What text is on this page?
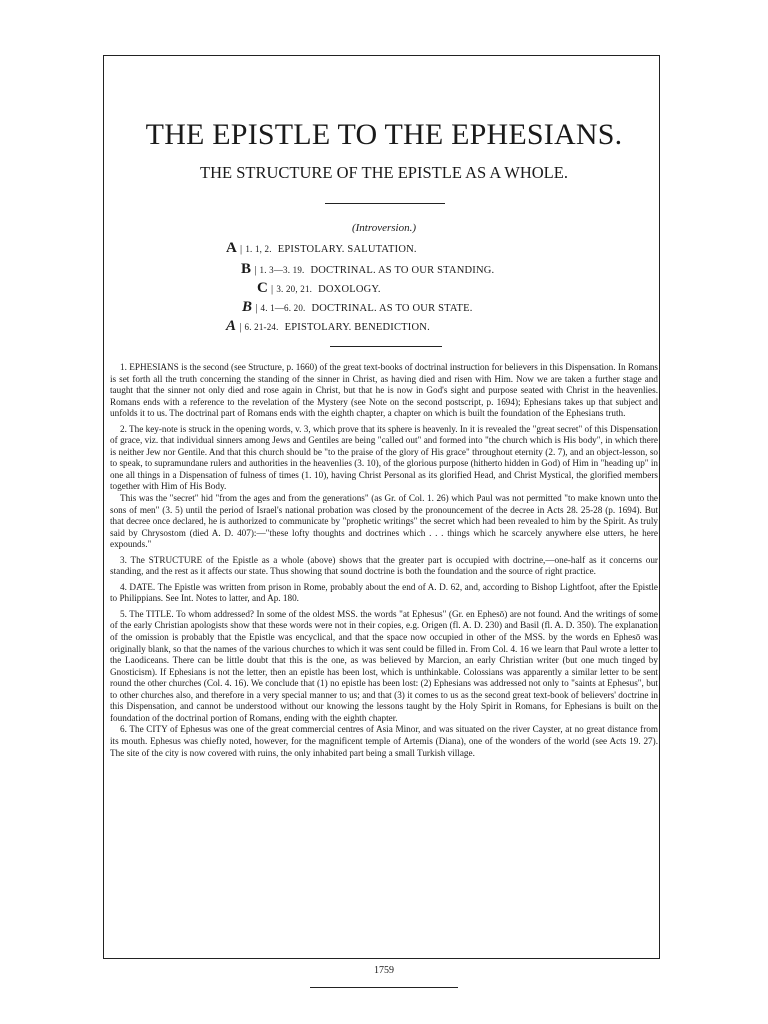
THE EPISTLE TO THE EPHESIANS.
THE STRUCTURE OF THE EPISTLE AS A WHOLE.
(Introversion.)
A | 1. 1, 2. EPISTOLARY. SALUTATION.
B | 1. 3—3. 19. DOCTRINAL. AS TO OUR STANDING.
C | 3. 20, 21. DOXOLOGY.
B | 4. 1—6. 20. DOCTRINAL. AS TO OUR STATE.
A | 6. 21-24. EPISTOLARY. BENEDICTION.

1. EPHESIANS is the second (see Structure, p. 1660) of the great text-books of doctrinal instruction for believers in this Dispensation. In Romans is set forth all the truth concerning the standing of the sinner in Christ, as having died and risen with Him. Now we are taken a further stage and taught that the sinner not only died and rose again in Christ, but that he is now in God's sight and purpose seated with Christ in the heavenlies. Romans ends with a reference to the revelation of the Mystery (see Note on the second postscript, p. 1694); Ephesians takes up that subject and unfolds it to us. The doctrinal part of Romans ends with the eighth chapter, a chapter on which is built the foundation of the Ephesians truth.

2. The key-note is struck in the opening words, v. 3, which prove that its sphere is heavenly. In it is revealed the "great secret" of this Dispensation of grace, viz. that individual sinners among Jews and Gentiles are being "called out" and formed into "the church which is His body", in which there is neither Jew nor Gentile. And that this church should be "to the praise of the glory of His grace" throughout eternity (2. 7), and an object-lesson, so to speak, to supramundane rulers and authorities in the heavenlies (3. 10), of the glorious purpose (hitherto hidden in God) of Him in "heading up" in one all things in a Dispensation of fulness of times (1. 10), having Christ Personal as its glorified Head, and Christ Mystical, the glorified members together with Him of His Body.

This was the "secret" hid "from the ages and from the generations" (as Gr. of Col. 1. 26) which Paul was not permitted "to make known unto the sons of men" (3. 5) until the period of Israel's national probation was closed by the pronouncement of the decree in Acts 28. 25-28 (p. 1694). But that decree once declared, he is authorized to communicate by "prophetic writings" the secret which had been revealed to him by the Spirit. As truly said by Chrysostom (died A. D. 407):—"these lofty thoughts and doctrines which . . . things which he scarcely anywhere else utters, he here expounds."

3. The STRUCTURE of the Epistle as a whole (above) shows that the greater part is occupied with doctrine,—one-half as it concerns our standing, and the rest as it affects our state. Thus showing that sound doctrine is both the foundation and the source of right practice.

4. DATE. The Epistle was written from prison in Rome, probably about the end of A. D. 62, and, according to Bishop Lightfoot, after the Epistle to Philippians. See Int. Notes to latter, and Ap. 180.

5. The TITLE. To whom addressed? In some of the oldest MSS. the words "at Ephesus" (Gr. en Ephesō) are not found. And the writings of some of the early Christian apologists show that these words were not in their copies, e.g. Origen (fl. A. D. 230) and Basil (fl. A. D. 350). The explanation of the omission is probably that the Epistle was encyclical, and that the space now occupied in other of the MSS. by the words en Ephesō was originally blank, so that the names of the various churches to which it was sent could be filled in. From Col. 4. 16 we learn that Paul wrote a letter to the Laodiceans. There can be little doubt that this is the one, as was believed by Marcion, an early Christian writer (but one much tinged by Gnosticism). If Ephesians is not the letter, then an epistle has been lost, which is unthinkable. Colossians was apparently a similar letter to be sent round the other churches (Col. 4. 16). We conclude that (1) no epistle has been lost: (2) Ephesians was addressed not only to "saints at Ephesus", but to other churches also, and therefore in a very special manner to us; and that (3) it comes to us as the second great text-book of believers' doctrine in this Dispensation, and cannot be understood without our knowing the lessons taught by the Holy Spirit in Romans, for Ephesians is built on the foundation of the doctrinal portion of Romans, ending with the eighth chapter.

6. The CITY of Ephesus was one of the great commercial centres of Asia Minor, and was situated on the river Cayster, at no great distance from its mouth. Ephesus was chiefly noted, however, for the magnificent temple of Artemis (Diana), one of the wonders of the world (see Acts 19. 27). The site of the city is now covered with ruins, the only inhabited part being a small Turkish village.

1759
